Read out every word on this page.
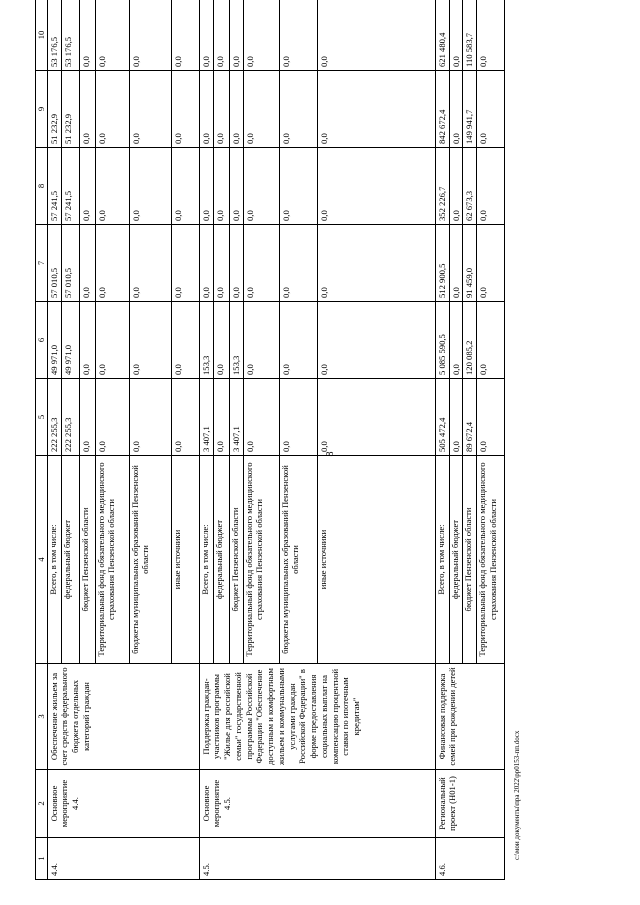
8
1	2	3	4	5	6	7	8	9	10
4.4.	Основное мероприятие 4.4.	Обеспечение жильем за счет средств федерального бюджета отдельных категорий граждан	Всего, в том числе:	222 255,3	49 971,0	57 010,5	57 241,5	51 232,9	53 176,5
			федеральный бюджет	222 255,3	49 971,0	57 010,5	57 241,5	51 232,9	53 176,5
			бюджет Пензенской области	0,0	0,0	0,0	0,0	0,0	0,0
			Территориальный фонд обязательного медицинского страхования Пензенской области	0,0	0,0	0,0	0,0	0,0	0,0
			бюджеты муниципальных образований Пензенской области	0,0	0,0	0,0	0,0	0,0	0,0
			иные источники	0,0	0,0	0,0	0,0	0,0	0,0
4.5.	Основное мероприятие 4.5.	Поддержка граждан-участников программы "Жилье для российской семьи" государственной программы Российской Федерации "Обеспечение доступным и комфортным жильем и коммунальными услугами граждан Российской Федерации" в форме предоставления социальных выплат на компенсацию процентной ставки по ипотечным кредитам"	Всего, в том числе:	3 407,1	153,3	0,0	0,0	0,0	0,0
			федеральный бюджет	0,0	0,0	0,0	0,0	0,0	0,0
			бюджет Пензенской области	3 407,1	153,3	0,0	0,0	0,0	0,0
			Территориальный фонд обязательного медицинского страхования Пензенской области	0,0	0,0	0,0	0,0	0,0	0,0
			бюджеты муниципальных образований Пензенской области	0,0	0,0	0,0	0,0	0,0	0,0
			иные источники	0,0	0,0	0,0	0,0	0,0	0,0
4.6.	Региональный проект (Н01-1)	Финансовая поддержка семей при рождении детей	Всего, в том числе:	505 472,4	5 085 590,5	512 900,5	352 226,7	842 672,4	621 480,4
			федеральный бюджет	0,0	0,0	0,0	0,0	0,0	0,0
			бюджет Пензенской области	89 672,4	120 085,2	91 459,0	62 673,3	149 941,7	110 583,7
			Территориальный фонд обязательного медицинского страхования Пензенской области	0,0	0,0	0,0	0,0	0,0	0,0
c:\мои документы\пра 2022\pp0153-пп.docx
